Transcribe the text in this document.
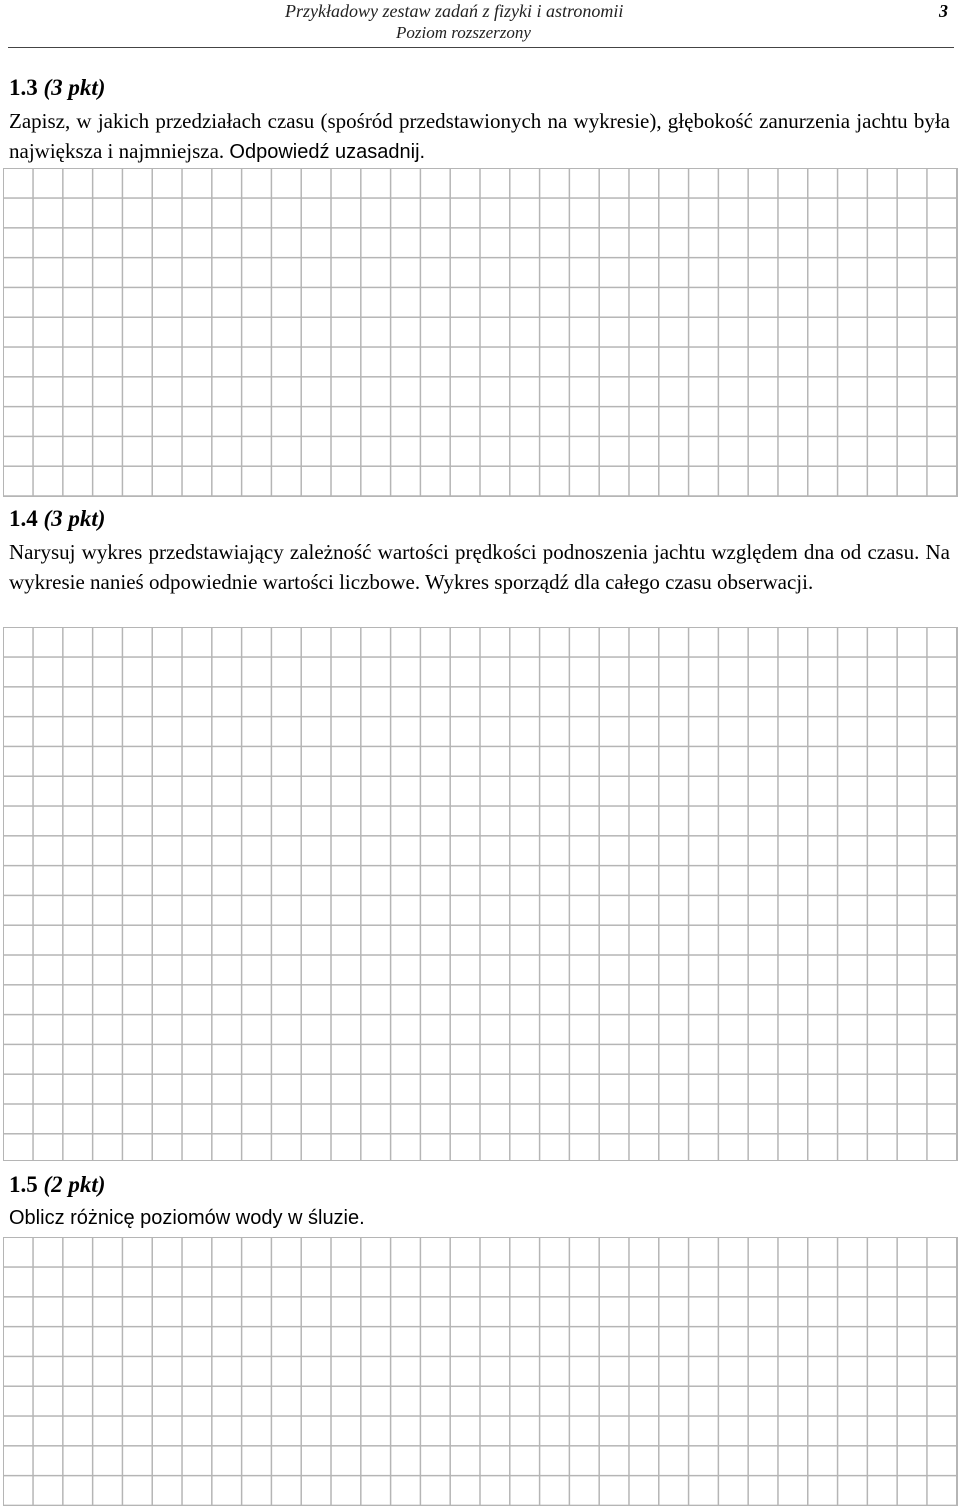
Przykładowy zestaw zadań z fizyki i astronomii
Poziom rozszerzony
3
1.3 (3 pkt)
Zapisz, w jakich przedziałach czasu (spośród przedstawionych na wykresie), głębokość zanurzenia jachtu była największa i najmniejsza. Odpowiedź uzasadnij.
1.4 (3 pkt)
Narysuj wykres przedstawiający zależność wartości prędkości podnoszenia jachtu względem dna od czasu. Na wykresie nanieś odpowiednie wartości liczbowe. Wykres sporządź dla całego czasu obserwacji.
1.5 (2 pkt)
Oblicz różnicę poziomów wody w śluzie.
